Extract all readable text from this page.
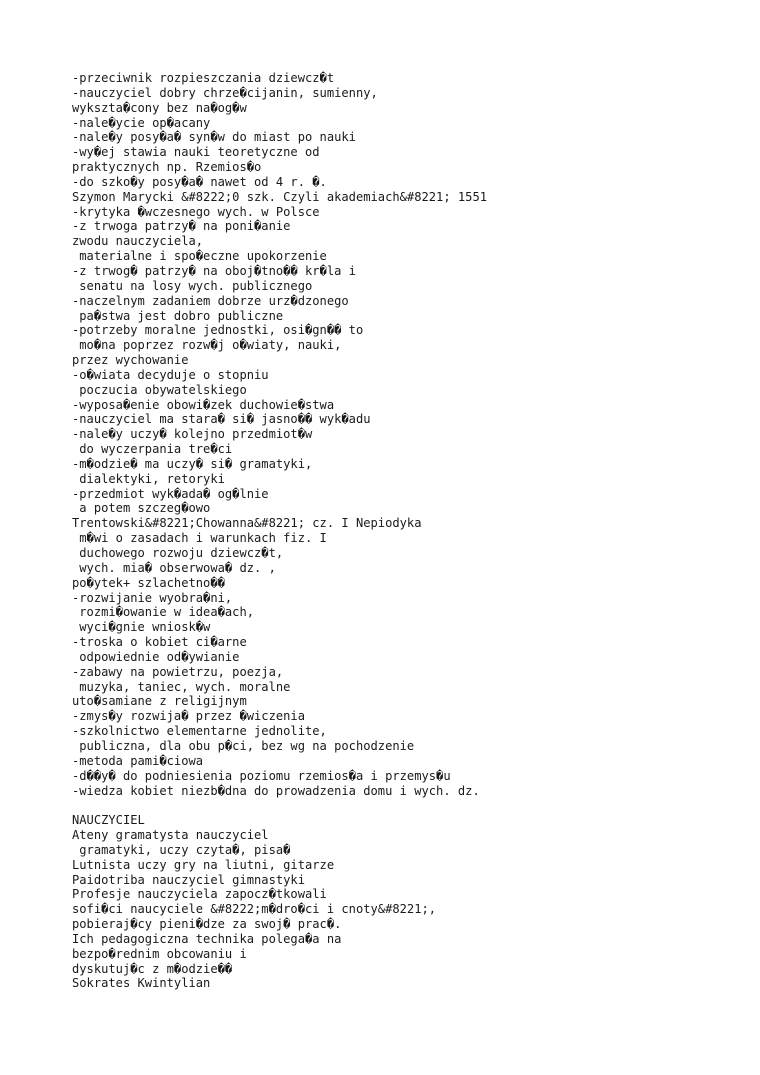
-przeciwnik rozpieszczania dziewcz�t
-nauczyciel dobry chrze�cijanin, sumienny,
wykszta�cony bez na�og�w
-nale�ycie op�acany
-nale�y posy�a� syn�w do miast po nauki
-wy�ej stawia nauki teoretyczne od
praktycznych np. Rzemios�o
-do szko�y posy�a� nawet od 4 r. �.
Szymon Marycki &#8222;0 szk. Czyli akademiach&#8221; 1551
-krytyka �wczesnego wych. w Polsce
-z trwoga patrzy� na poni�anie
zwodu nauczyciela,
materialne i spo�eczne upokorzenie
-z trwog� patrzy� na oboj�tno�� kr�la i
senatu na losy wych. publicznego
-naczelnym zadaniem dobrze urz�dzonego
pa�stwa jest dobro publiczne
-potrzeby moralne jednostki, osi�gn�� to
mo�na poprzez rozw�j o�wiaty, nauki,
przez wychowanie
-o�wiata decyduje o stopniu
poczucia obywatelskiego
-wyposa�enie obowi�zek duchowie�stwa
-nauczyciel ma stara� si� jasno�� wyk�adu
-nale�y uczy� kolejno przedmiot�w
do wyczerpania tre�ci
-m�odzie� ma uczy� si� gramatyki,
dialektyki, retoryki
-przedmiot wyk�ada� og�lnie
a potem szczeg�owo
Trentowski&#8221;Chowanna&#8221; cz. I Nepiodyka
m�wi o zasadach i warunkach fiz. I
duchowego rozwoju dziewcz�t,
wych. mia� obserwowa� dz. ,
po�ytek+ szlachetno��
-rozwijanie wyobra�ni,
rozmi�owanie w idea�ach,
wyci�gnie wniosk�w
-troska o kobiet ci�arne
odpowiednie od�ywianie
-zabawy na powietrzu, poezja,
muzyka, taniec, wych. moralne
uto�samiane z religijnym
-zmys�y rozwija� przez �wiczenia
-szkolnictwo elementarne jednolite,
publiczna, dla obu p�ci, bez wg na pochodzenie
-metoda pami�ciowa
-d��y� do podniesienia poziomu rzemios�a i przemys�u
-wiedza kobiet niezb�dna do prowadzenia domu i wych. dz.
NAUCZYCIEL
Ateny gramatysta nauczyciel
gramatyki, uczy czyta�, pisa�
Lutnista uczy gry na liutni, gitarze
Paidotriba nauczyciel gimnastyki
Profesje nauczyciela zapocz�tkowali
sofi�ci naucyciele &#8222;m�dro�ci i cnoty&#8221;,
pobieraj�cy pieni�dze za swoj� prac�.
Ich pedagogiczna technika polega�a na
bezpo�rednim obcowaniu i
dyskutuj�c z m�odzie��
Sokrates Kwintylian
